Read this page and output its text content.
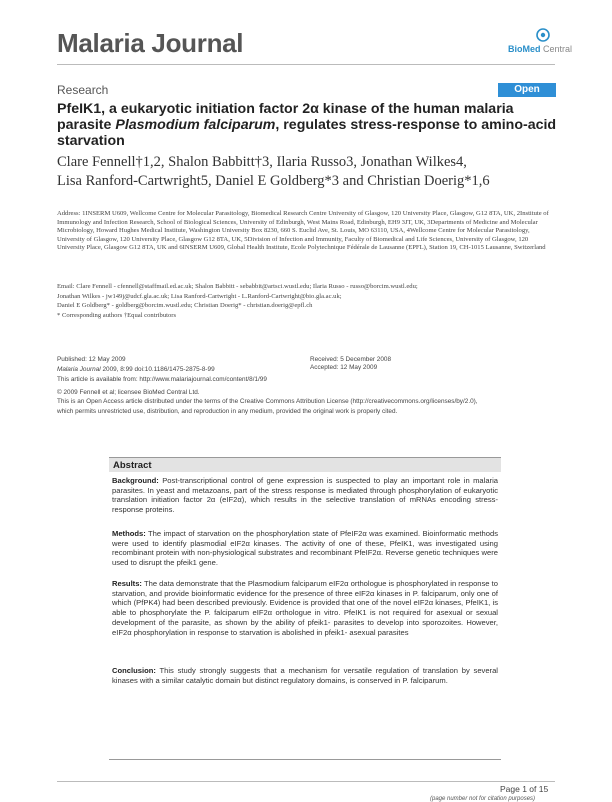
Malaria Journal	BioMed Central
Research	Open Access
PfeIK1, a eukaryotic initiation factor 2α kinase of the human malaria parasite Plasmodium falciparum, regulates stress-response to amino-acid starvation
Clare Fennell†1,2, Shalon Babbitt†3, Ilaria Russo3, Jonathan Wilkes4,
Lisa Ranford-Cartwright5, Daniel E Goldberg*3 and Christian Doerig*1,6
Address: 1INSERM U609, Wellcome Centre for Molecular Parasitology, Biomedical Research Centre University of Glasgow, 120 University Place, Glasgow, G12 8TA, UK, 2Institute of Immunology and Infection Research, School of Biological Sciences, University of Edinburgh, West Mains Road, Edinburgh, EH9 3JT, UK, 3Departments of Medicine and Molecular Microbiology, Howard Hughes Medical Institute, Washington University Box 8230, 660 S. Euclid Ave, St. Louis, MO 63110, USA, 4Wellcome Centre for Molecular Parasitology, University of Glasgow, 120 University Place, Glasgow G12 8TA, UK, 5Division of Infection and Immunity, Faculty of Biomedical and Life Sciences, University of Glasgow, 120 University Place, Glasgow G12 8TA, UK and 6INSERM U609, Global Health Institute, Ecole Polytechnique Fédérale de Lausanne (EPFL), Station 19, CH-1015 Lausanne, Switzerland
Email: Clare Fennell - cfennell@staffmail.ed.ac.uk; Shalon Babbitt - sebabbit@artsci.wustl.edu; Ilaria Russo - russo@borcim.wustl.edu;
Jonathan Wilkes - jw149j@udcf.gla.ac.uk; Lisa Ranford-Cartwright - L.Ranford-Cartwright@bio.gla.ac.uk;
Daniel E Goldberg* - goldberg@borcim.wustl.edu; Christian Doerig* - christian.doerig@epfl.ch
* Corresponding authors †Equal contributors
Published: 12 May 2009	Received: 5 December 2008
Malaria Journal 2009, 8:99 doi:10.1186/1475-2875-8-99	Accepted: 12 May 2009
This article is available from: http://www.malariajournal.com/content/8/1/99
© 2009 Fennell et al; licensee BioMed Central Ltd.
This is an Open Access article distributed under the terms of the Creative Commons Attribution License (http://creativecommons.org/licenses/by/2.0),
which permits unrestricted use, distribution, and reproduction in any medium, provided the original work is properly cited.
Abstract
Background: Post-transcriptional control of gene expression is suspected to play an important role in malaria parasites. In yeast and metazoans, part of the stress response is mediated through phosphorylation of eukaryotic translation initiation factor 2α (eIF2α), which results in the selective translation of mRNAs encoding stress-response proteins.
Methods: The impact of starvation on the phosphorylation state of PfeIF2α was examined. Bioinformatic methods were used to identify plasmodial eIF2α kinases. The activity of one of these, PfeIK1, was investigated using recombinant protein with non-physiological substrates and recombinant PfeIF2α. Reverse genetic techniques were used to disrupt the pfeik1 gene.
Results: The data demonstrate that the Plasmodium falciparum eIF2α orthologue is phosphorylated in response to starvation, and provide bioinformatic evidence for the presence of three eIF2α kinases in P. falciparum, only one of which (PfPK4) had been described previously. Evidence is provided that one of the novel eIF2α kinases, PfeIK1, is able to phosphorylate the P. falciparum eIF2α orthologue in vitro. PfeIK1 is not required for asexual or sexual development of the parasite, as shown by the ability of pfeik1- parasites to develop into sporozoites. However, eIF2α phosphorylation in response to starvation is abolished in pfeik1- asexual parasites
Conclusion: This study strongly suggests that a mechanism for versatile regulation of translation by several kinases with a similar catalytic domain but distinct regulatory domains, is conserved in P. falciparum.
Page 1 of 15
(page number not for citation purposes)
